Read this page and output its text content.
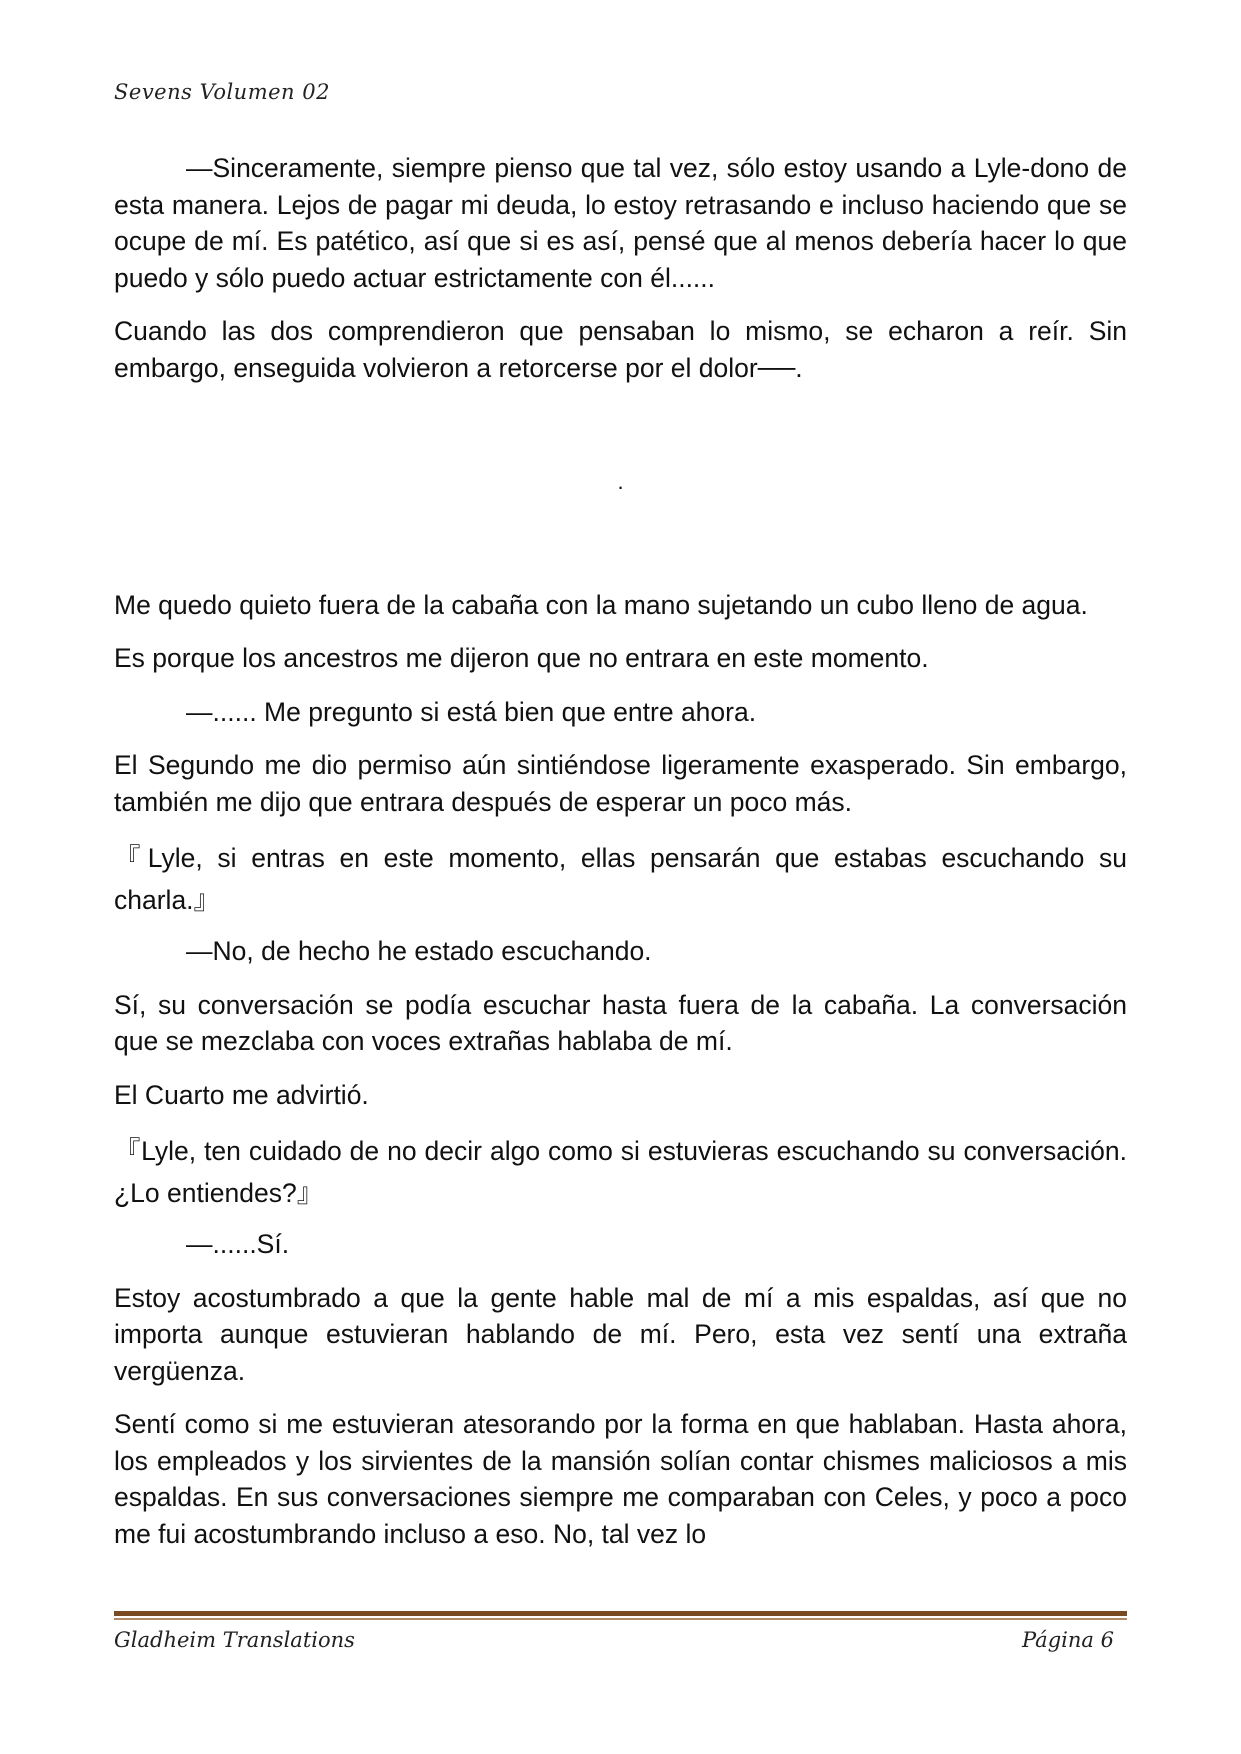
Sevens Volumen 02

—Sinceramente, siempre pienso que tal vez, sólo estoy usando a Lyle-dono de esta manera. Lejos de pagar mi deuda, lo estoy retrasando e incluso haciendo que se ocupe de mí. Es patético, así que si es así, pensé que al menos debería hacer lo que puedo y sólo puedo actuar estrictamente con él......

Cuando las dos comprendieron que pensaban lo mismo, se echaron a reír. Sin embargo, enseguida volvieron a retorcerse por el dolor──.

.

Me quedo quieto fuera de la cabaña con la mano sujetando un cubo lleno de agua.

Es porque los ancestros me dijeron que no entrara en este momento.

—...... Me pregunto si está bien que entre ahora.

El Segundo me dio permiso aún sintiéndose ligeramente exasperado. Sin embargo, también me dijo que entrara después de esperar un poco más.

『Lyle, si entras en este momento, ellas pensarán que estabas escuchando su charla.』

—No, de hecho he estado escuchando.

Sí, su conversación se podía escuchar hasta fuera de la cabaña. La conversación que se mezclaba con voces extrañas hablaba de mí.

El Cuarto me advirtió.

『Lyle, ten cuidado de no decir algo como si estuvieras escuchando su conversación. ¿Lo entiendes?』

—......Sí.

Estoy acostumbrado a que la gente hable mal de mí a mis espaldas, así que no importa aunque estuvieran hablando de mí. Pero, esta vez sentí una extraña vergüenza.

Sentí como si me estuvieran atesorando por la forma en que hablaban. Hasta ahora, los empleados y los sirvientes de la mansión solían contar chismes maliciosos a mis espaldas. En sus conversaciones siempre me comparaban con Celes, y poco a poco me fui acostumbrando incluso a eso. No, tal vez lo

Gladheim Translations	Página 6
